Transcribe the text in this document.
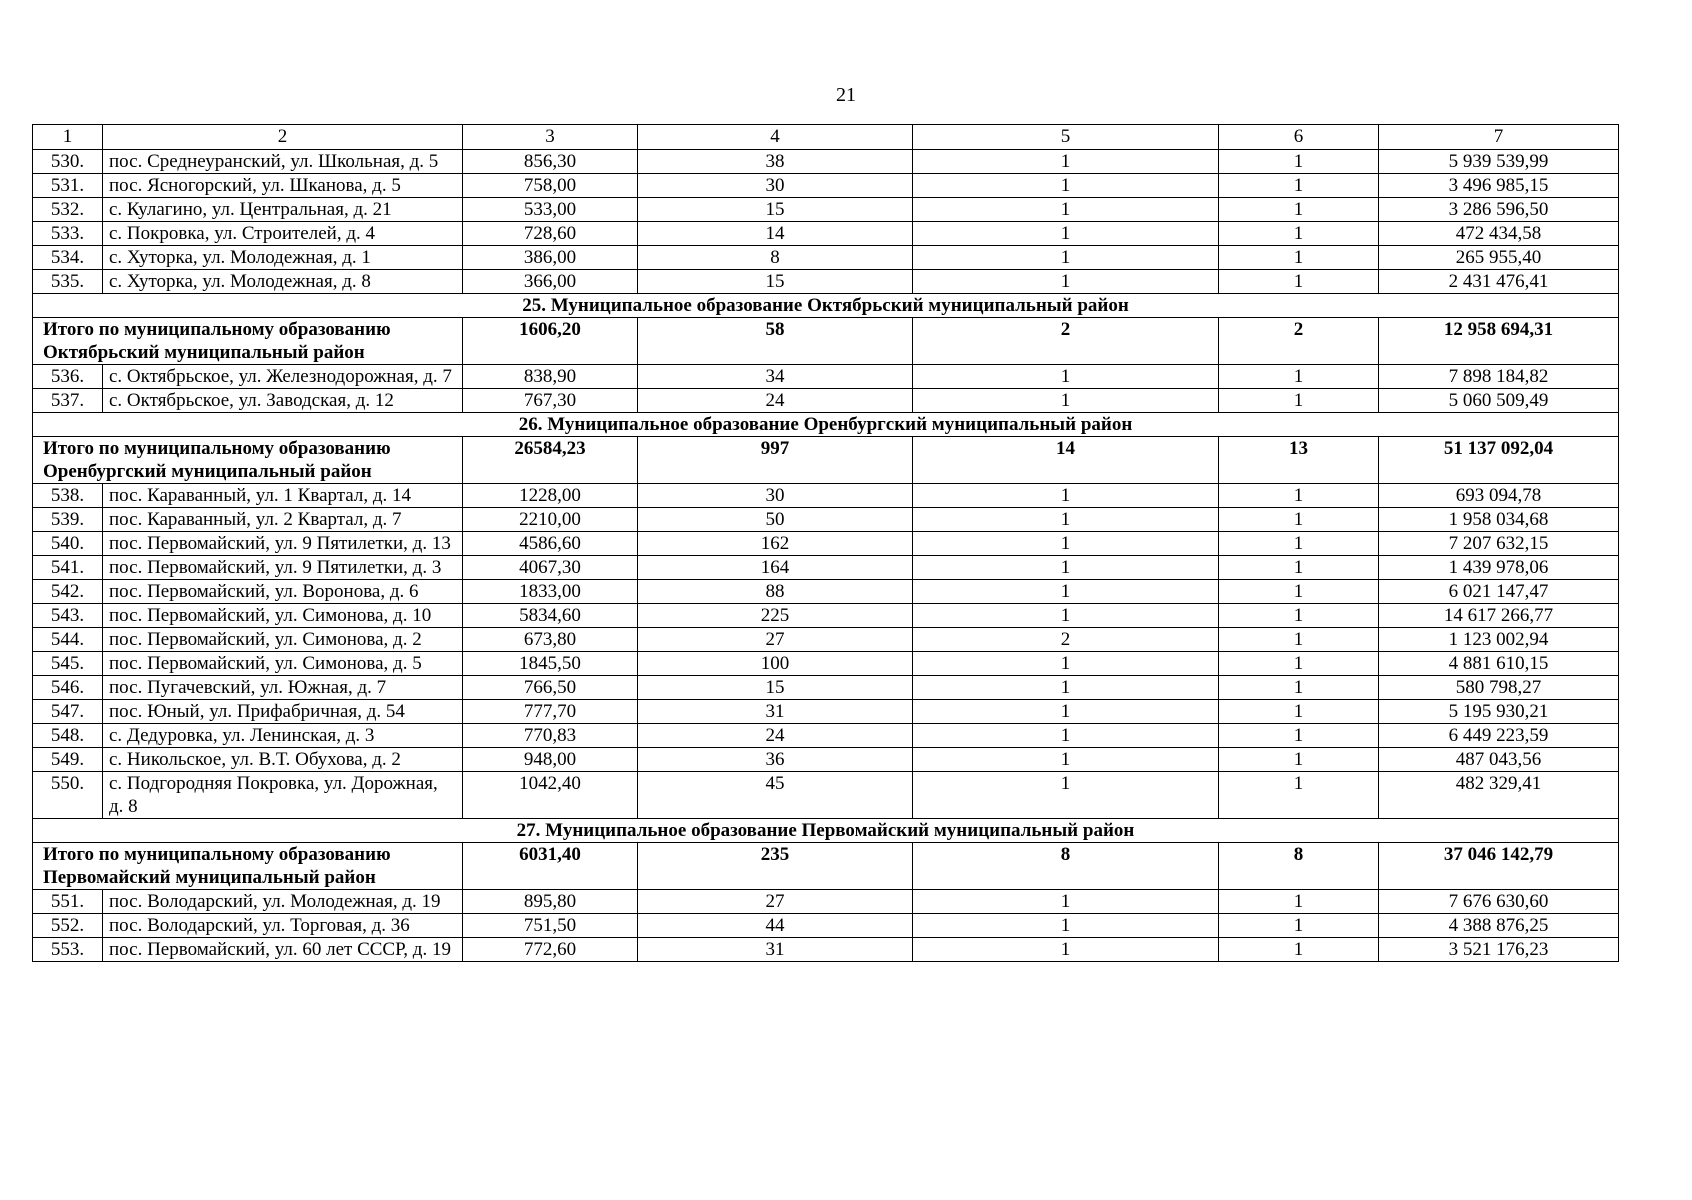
21
1	2	3	4	5	6	7
530.	пос. Среднеуранский, ул. Школьная, д. 5	856,30	38	1	1	5 939 539,99
531.	пос. Ясногорский, ул. Шканова, д. 5	758,00	30	1	1	3 496 985,15
532.	с. Кулагино, ул. Центральная, д. 21	533,00	15	1	1	3 286 596,50
533.	с. Покровка, ул. Строителей, д. 4	728,60	14	1	1	472 434,58
534.	с. Хуторка, ул. Молодежная, д. 1	386,00	8	1	1	265 955,40
535.	с. Хуторка, ул. Молодежная, д. 8	366,00	15	1	1	2 431 476,41
25. Муниципальное образование Октябрьский муниципальный район						
Итого по муниципальному образованию Октябрьский муниципальный район		1606,20	58	2	2	12 958 694,31
536.	с. Октябрьское, ул. Железнодорожная, д. 7	838,90	34	1	1	7 898 184,82
537.	с. Октябрьское, ул. Заводская, д. 12	767,30	24	1	1	5 060 509,49
26. Муниципальное образование Оренбургский муниципальный район						
Итого по муниципальному образованию Оренбургский муниципальный район		26584,23	997	14	13	51 137 092,04
538.	пос. Караванный, ул. 1 Квартал, д. 14	1228,00	30	1	1	693 094,78
539.	пос. Караванный, ул. 2 Квартал, д. 7	2210,00	50	1	1	1 958 034,68
540.	пос. Первомайский, ул. 9 Пятилетки, д. 13	4586,60	162	1	1	7 207 632,15
541.	пос. Первомайский, ул. 9 Пятилетки, д. 3	4067,30	164	1	1	1 439 978,06
542.	пос. Первомайский, ул. Воронова, д. 6	1833,00	88	1	1	6 021 147,47
543.	пос. Первомайский, ул. Симонова, д. 10	5834,60	225	1	1	14 617 266,77
544.	пос. Первомайский, ул. Симонова, д. 2	673,80	27	2	1	1 123 002,94
545.	пос. Первомайский, ул. Симонова, д. 5	1845,50	100	1	1	4 881 610,15
546.	пос. Пугачевский, ул. Южная, д. 7	766,50	15	1	1	580 798,27
547.	пос. Юный, ул. Прифабричная, д. 54	777,70	31	1	1	5 195 930,21
548.	с. Дедуровка, ул. Ленинская, д. 3	770,83	24	1	1	6 449 223,59
549.	с. Никольское, ул. В.Т. Обухова, д. 2	948,00	36	1	1	487 043,56
550.	с. Подгородняя Покровка, ул. Дорожная, д. 8	1042,40	45	1	1	482 329,41
27. Муниципальное образование Первомайский муниципальный район						
Итого по муниципальному образованию Первомайский муниципальный район		6031,40	235	8	8	37 046 142,79
551.	пос. Володарский, ул. Молодежная, д. 19	895,80	27	1	1	7 676 630,60
552.	пос. Володарский, ул. Торговая, д. 36	751,50	44	1	1	4 388 876,25
553.	пос. Первомайский, ул. 60 лет СССР, д. 19	772,60	31	1	1	3 521 176,23
